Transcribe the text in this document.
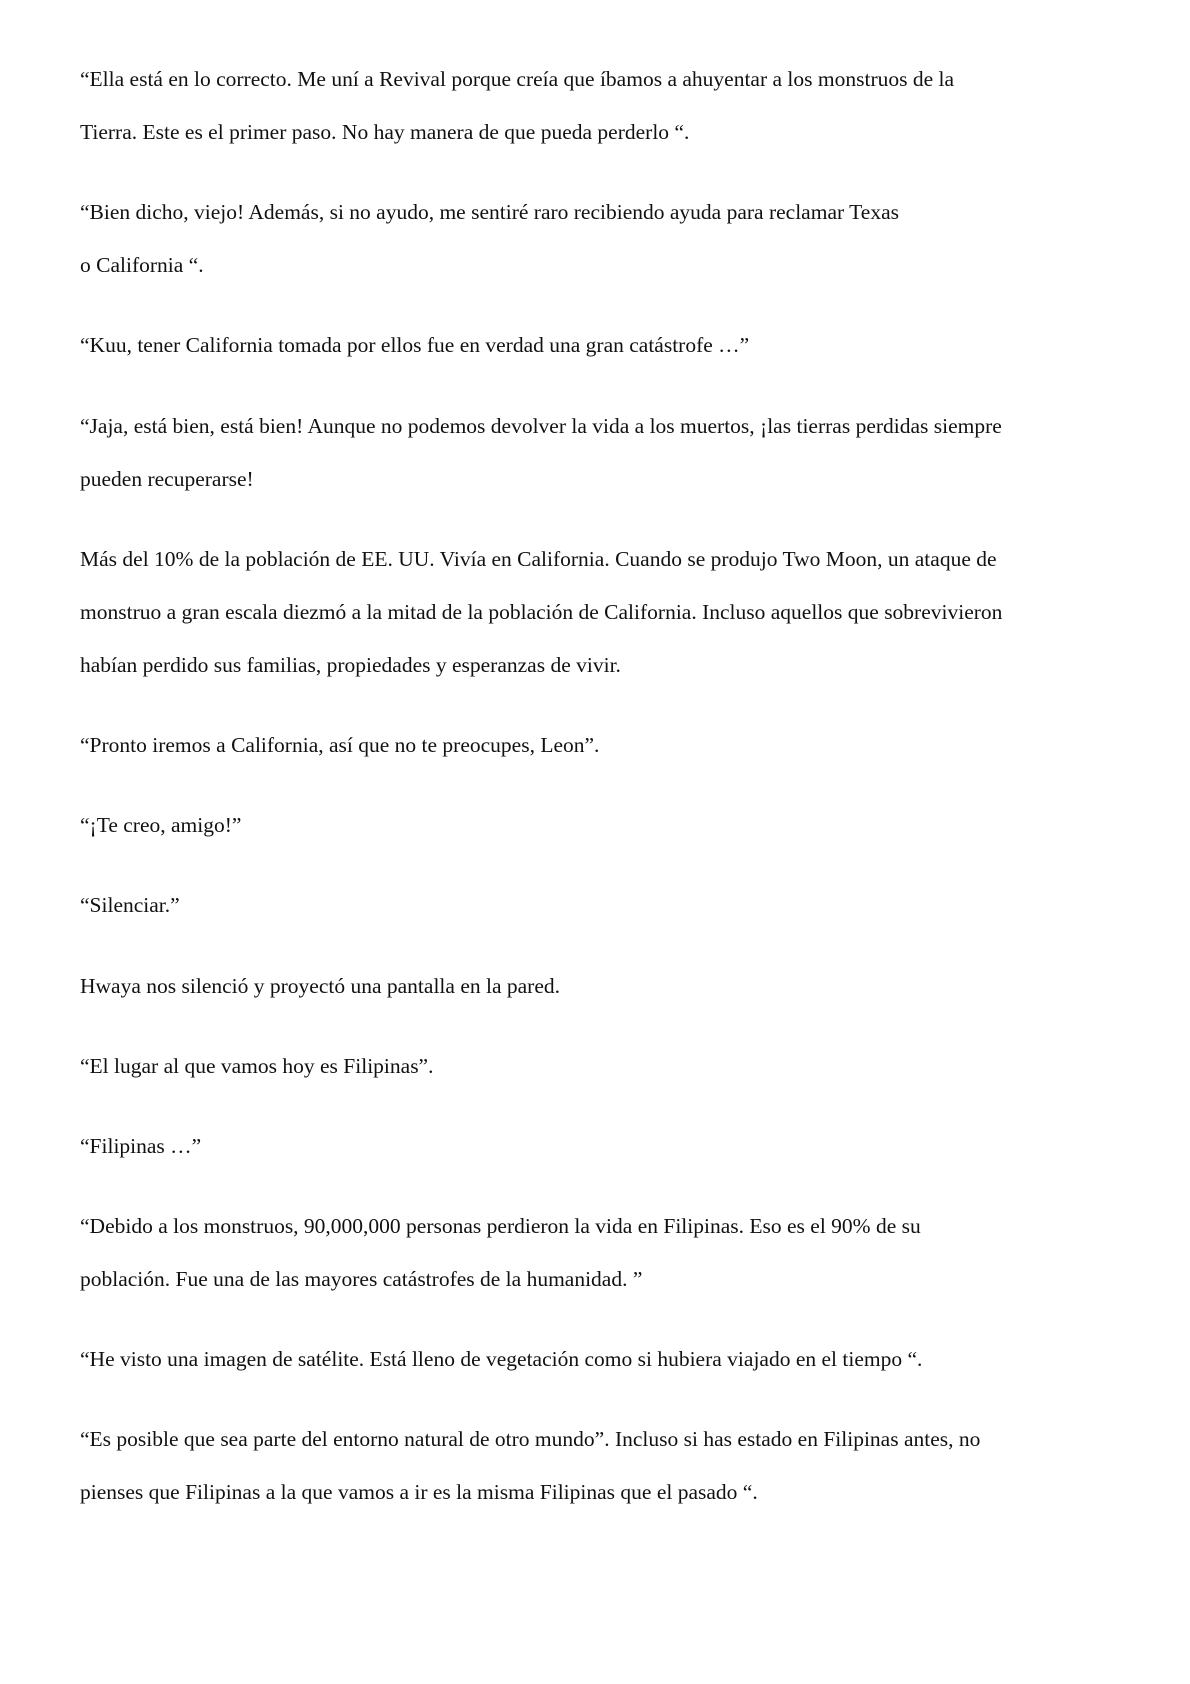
“Ella está en lo correcto. Me uní a Revival porque creía que íbamos a ahuyentar a los monstruos de la
Tierra. Este es el primer paso. No hay manera de que pueda perderlo “.
“Bien dicho, viejo! Además, si no ayudo, me sentiré raro recibiendo ayuda para reclamar Texas
o California “.
“Kuu, tener California tomada por ellos fue en verdad una gran catástrofe …”
“Jaja, está bien, está bien! Aunque no podemos devolver la vida a los muertos, ¡las tierras perdidas siempre
pueden recuperarse!
Más del 10% de la población de EE. UU. Vivía en California. Cuando se produjo Two Moon, un ataque de
monstruo a gran escala diezmó a la mitad de la población de California. Incluso aquellos que sobrevivieron
habían perdido sus familias, propiedades y esperanzas de vivir.
“Pronto iremos a California, así que no te preocupes, Leon”.
“¡Te creo, amigo!”
“Silenciar.”
Hwaya nos silenció y proyectó una pantalla en la pared.
“El lugar al que vamos hoy es Filipinas”.
“Filipinas …”
“Debido a los monstruos, 90,000,000 personas perdieron la vida en Filipinas. Eso es el 90% de su
población. Fue una de las mayores catástrofes de la humanidad. ”
“He visto una imagen de satélite. Está lleno de vegetación como si hubiera viajado en el tiempo “.
“Es posible que sea parte del entorno natural de otro mundo”. Incluso si has estado en Filipinas antes, no
pienses que Filipinas a la que vamos a ir es la misma Filipinas que el pasado “.
